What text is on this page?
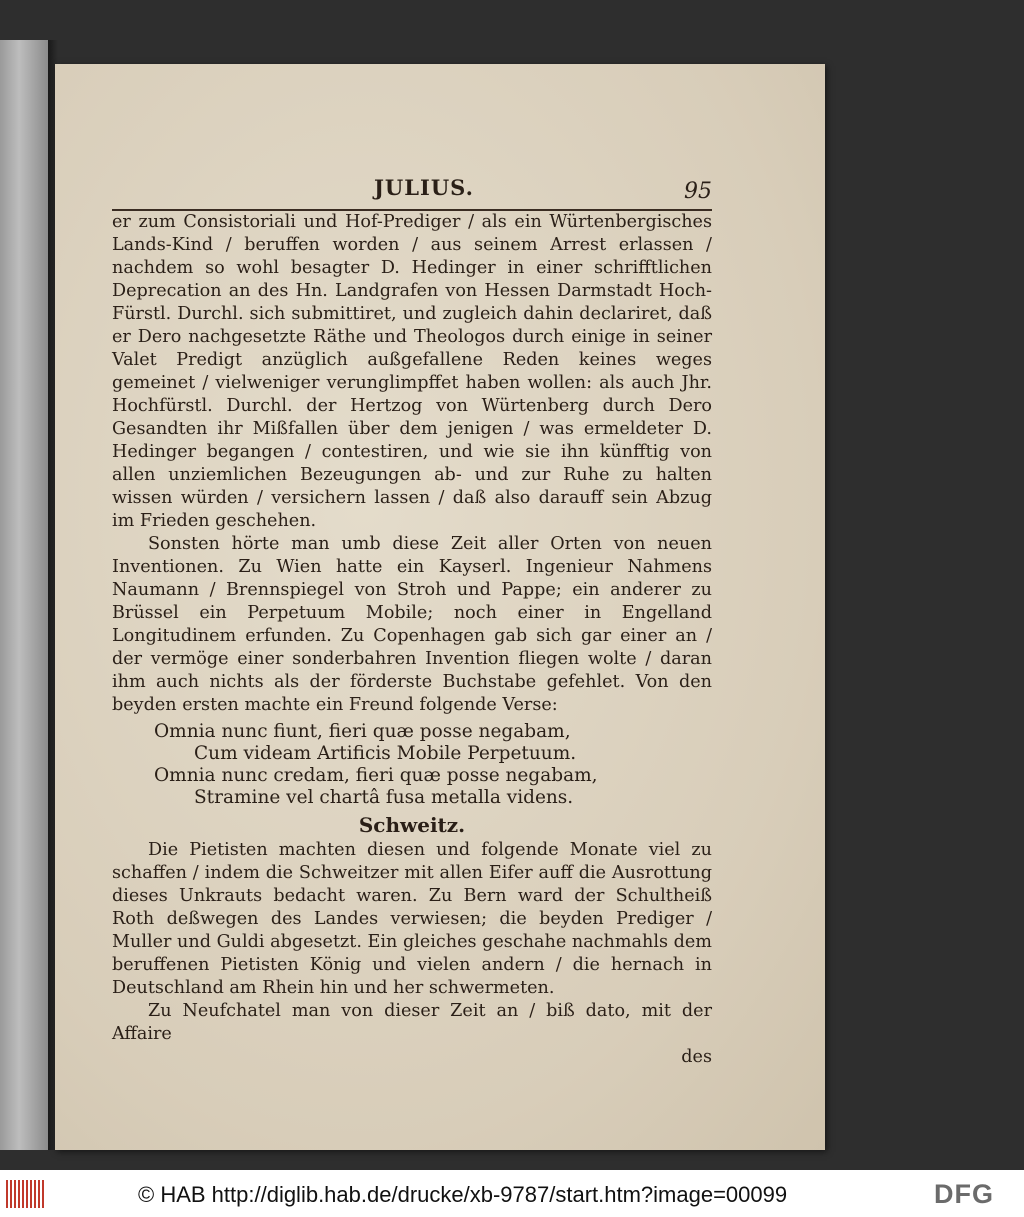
JULIUS.	95

er zum Consistoriali und Hof-Prediger / als ein Würtenbergisches Lands-Kind / beruffen worden / aus seinem Arrest erlassen / nachdem so wohl besagter D. Hedinger in einer schrifftlichen Deprecation an des Hn. Landgrafen von Hessen Darmstadt Hoch-Fürstl. Durchl. sich submittiret, und zugleich dahin declariret, daß er Dero nachgesetzte Räthe und Theologos durch einige in seiner Valet Predigt anzüglich außgefallene Reden keines weges gemeinet / vielweniger verunglimpffet haben wollen: als auch Jhr. Hochfürstl. Durchl. der Hertzog von Würtenberg durch Dero Gesandten ihr Mißfallen über dem jenigen / was ermeldeter D. Hedinger begangen / contestiren, und wie sie ihn künfftig von allen unziemlichen Bezeugungen ab- und zur Ruhe zu halten wissen würden / versichern lassen / daß also darauff sein Abzug im Frieden geschehen.

Sonsten hörte man umb diese Zeit aller Orten von neuen Inventionen. Zu Wien hatte ein Kayserl. Ingenieur Nahmens Naumann / Brennspiegel von Stroh und Pappe; ein anderer zu Brüssel ein Perpetuum Mobile; noch einer in Engelland Longitudinem erfunden. Zu Copenhagen gab sich gar einer an / der vermöge einer sonderbahren Invention fliegen wolte / daran ihm auch nichts als der förderste Buchstabe gefehlet. Von den beyden ersten machte ein Freund folgende Verse:

Omnia nunc fiunt, fieri quæ posse negabam,
Cum videam Artificis Mobile Perpetuum.
Omnia nunc credam, fieri quæ posse negabam,
Stramine vel chartâ fusa metalla videns.
Schweitz.

Die Pietisten machten diesen und folgende Monate viel zu schaffen / indem die Schweitzer mit allen Eifer auff die Ausrottung dieses Unkrauts bedacht waren. Zu Bern ward der Schultheiß Roth deßwegen des Landes verwiesen; die beyden Prediger / Muller und Guldi abgesetzt. Ein gleiches geschahe nachmahls dem beruffenen Pietisten König und vielen andern / die hernach in Deutschland am Rhein hin und her schwermeten.

Zu Neufchatel man von dieser Zeit an / biß dato, mit der Affaire

des

© HAB http://diglib.hab.de/drucke/xb-9787/start.htm?image=00099	DFG
